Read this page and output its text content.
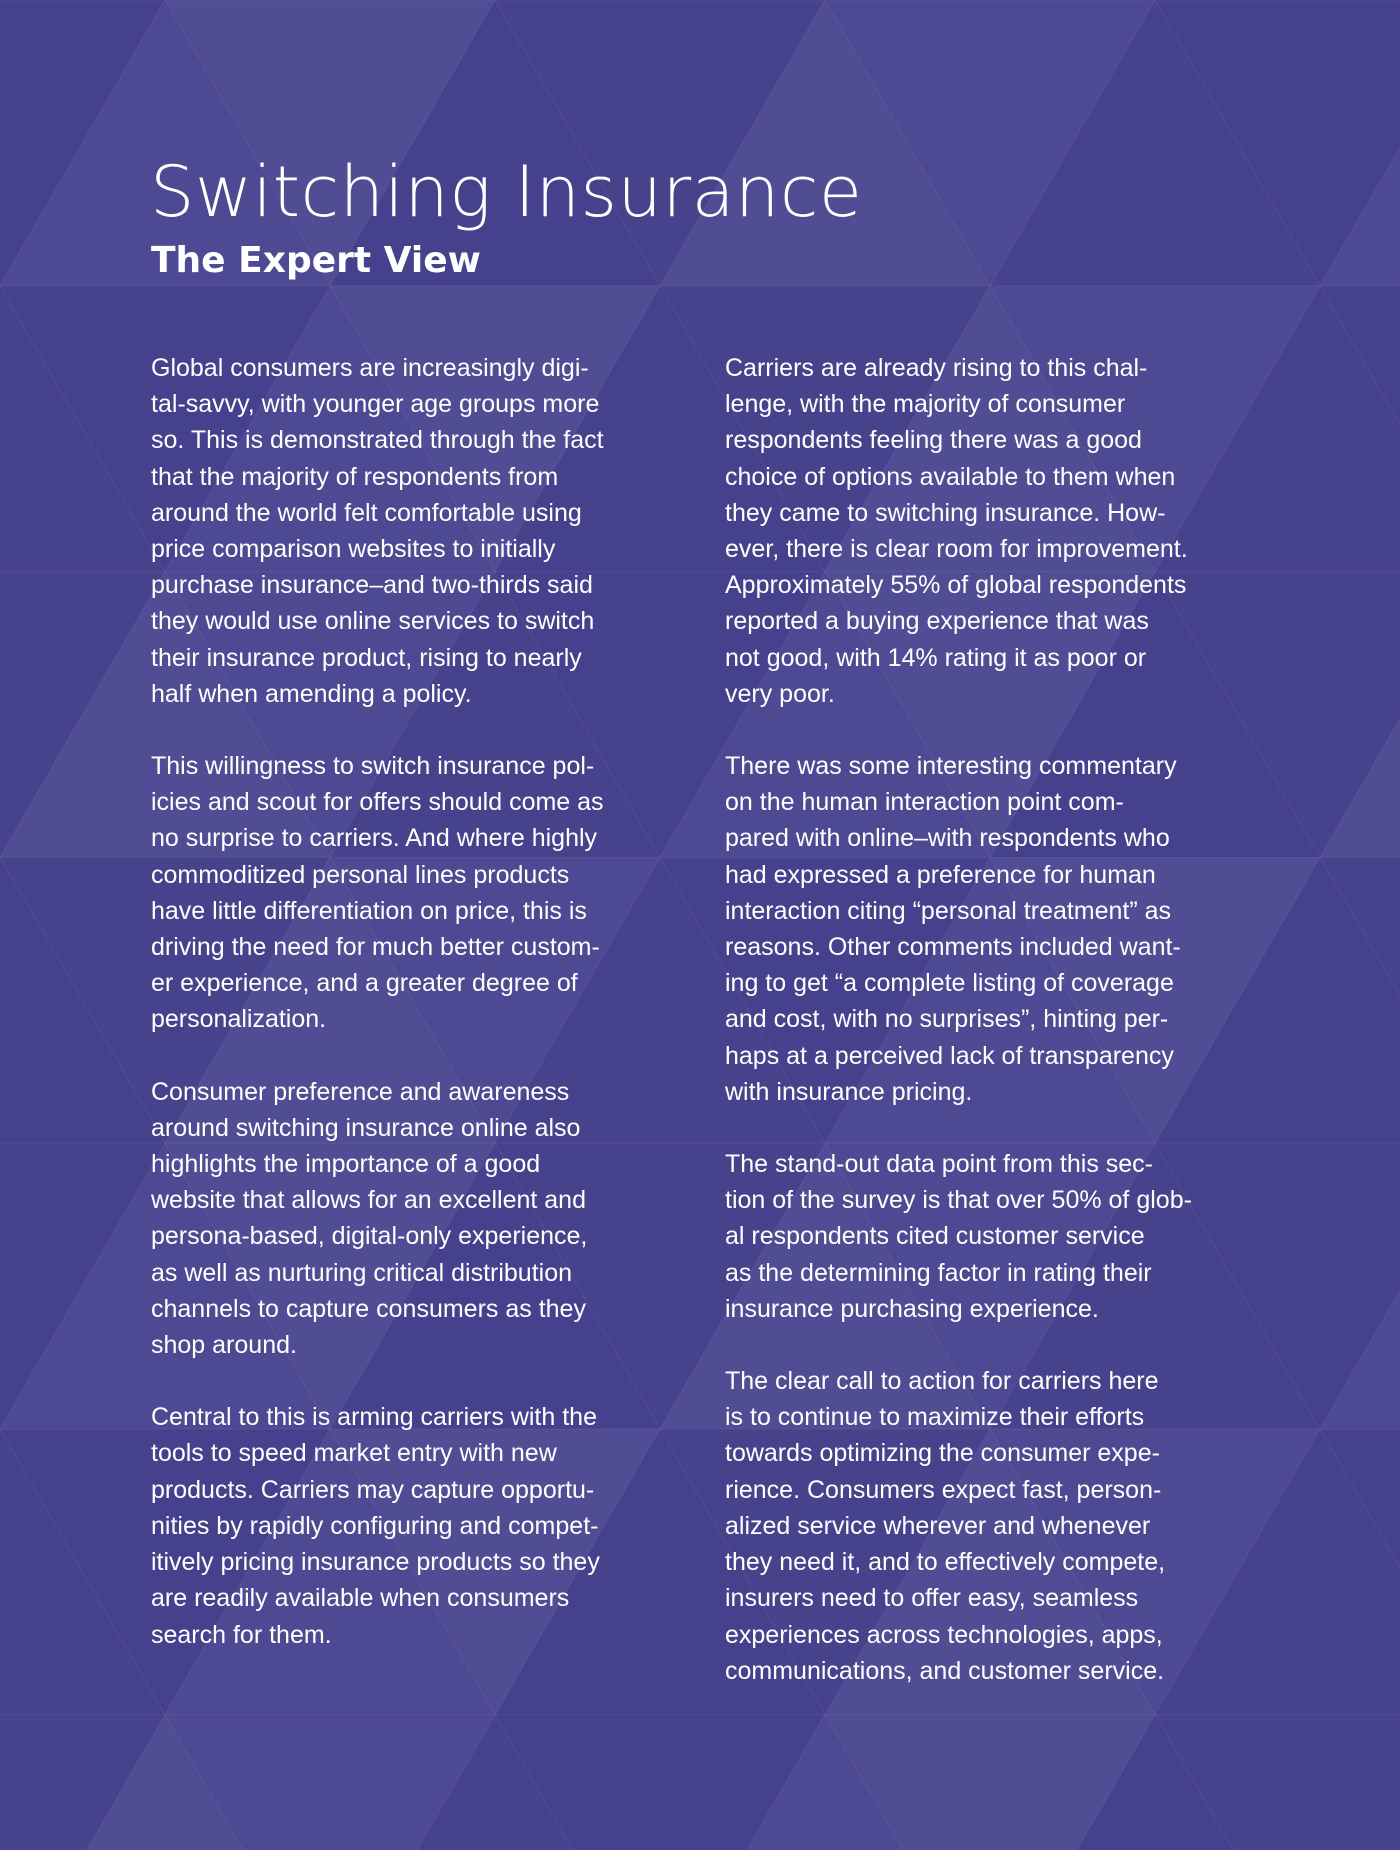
Switching Insurance
The Expert View

Global consumers are increasingly digi-
tal-savvy, with younger age groups more
so. This is demonstrated through the fact
that the majority of respondents from
around the world felt comfortable using
price comparison websites to initially
purchase insurance–and two-thirds said
they would use online services to switch
their insurance product, rising to nearly
half when amending a policy.

This willingness to switch insurance pol-
icies and scout for offers should come as
no surprise to carriers. And where highly
commoditized personal lines products
have little differentiation on price, this is
driving the need for much better custom-
er experience, and a greater degree of
personalization.

Consumer preference and awareness
around switching insurance online also
highlights the importance of a good
website that allows for an excellent and
persona-based, digital-only experience,
as well as nurturing critical distribution
channels to capture consumers as they
shop around.

Central to this is arming carriers with the
tools to speed market entry with new
products. Carriers may capture opportu-
nities by rapidly configuring and compet-
itively pricing insurance products so they
are readily available when consumers
search for them.

Carriers are already rising to this chal-
lenge, with the majority of consumer
respondents feeling there was a good
choice of options available to them when
they came to switching insurance. How-
ever, there is clear room for improvement.
Approximately 55% of global respondents
reported a buying experience that was
not good, with 14% rating it as poor or
very poor.

There was some interesting commentary
on the human interaction point com-
pared with online–with respondents who
had expressed a preference for human
interaction citing “personal treatment” as
reasons. Other comments included want-
ing to get “a complete listing of coverage
and cost, with no surprises”, hinting per-
haps at a perceived lack of transparency
with insurance pricing.

The stand-out data point from this sec-
tion of the survey is that over 50% of glob-
al respondents cited customer service
as the determining factor in rating their
insurance purchasing experience.

The clear call to action for carriers here
is to continue to maximize their efforts
towards optimizing the consumer expe-
rience. Consumers expect fast, person-
alized service wherever and whenever
they need it, and to effectively compete,
insurers need to offer easy, seamless
experiences across technologies, apps,
communications, and customer service.
